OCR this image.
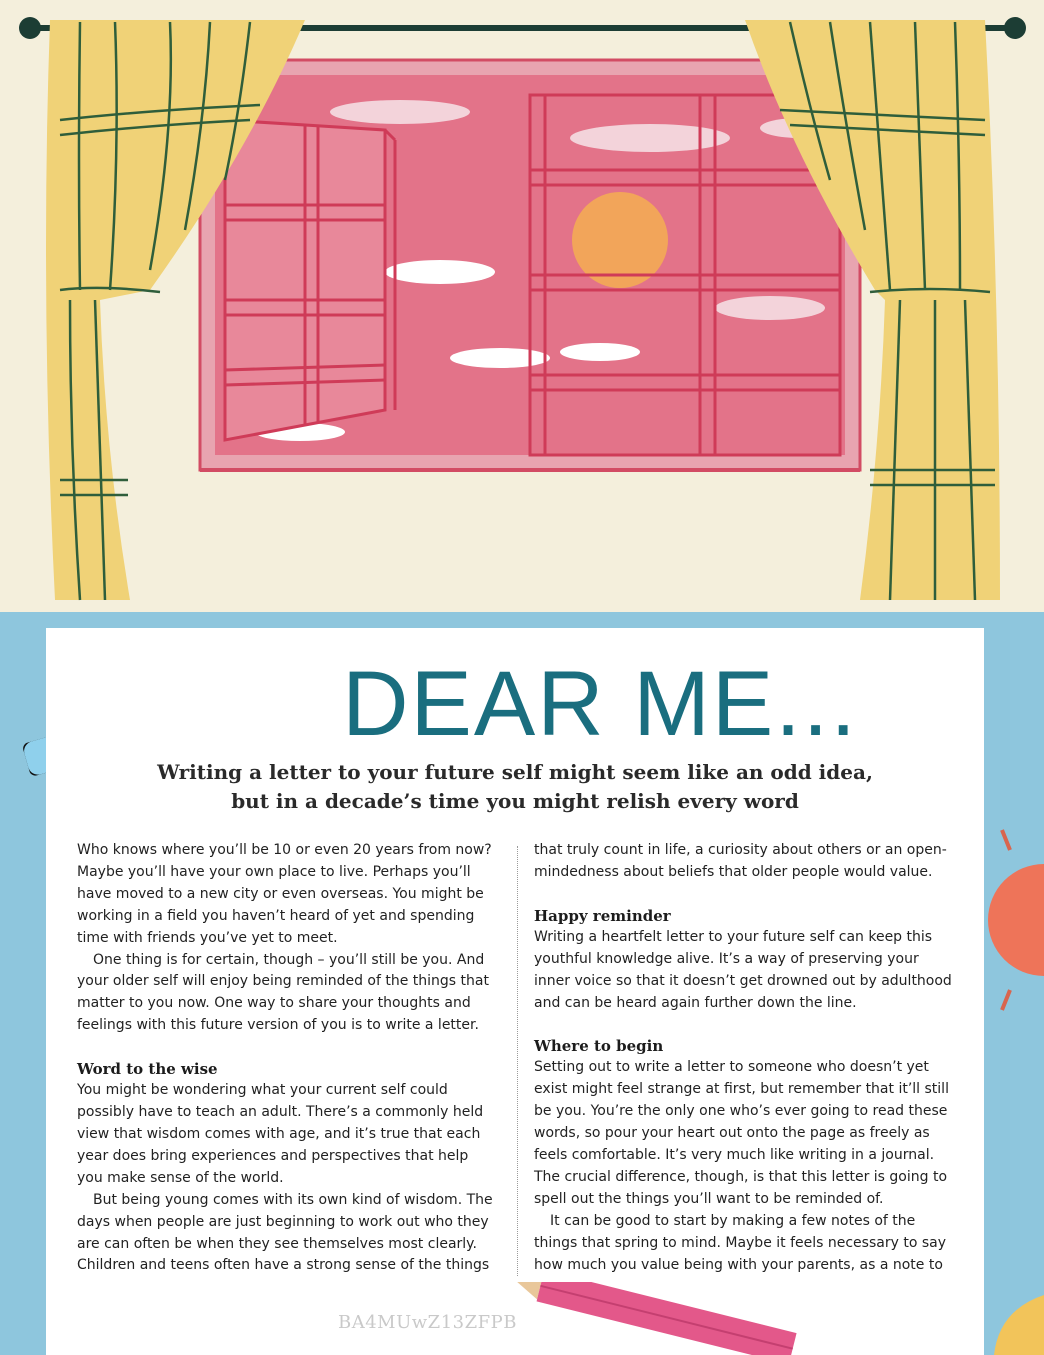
DEAR ME...
Writing a letter to your future self might seem like an odd idea,
but in a decade’s time you might relish every word

Who knows where you’ll be 10 or even 20 years from now? Maybe you’ll have your own place to live. Perhaps you’ll have moved to a new city or even overseas. You might be working in a field you haven’t heard of yet and spending time with friends you’ve yet to meet.

One thing is for certain, though – you’ll still be you. And your older self will enjoy being reminded of the things that matter to you now. One way to share your thoughts and feelings with this future version of you is to write a letter.

Word to the wise

You might be wondering what your current self could possibly have to teach an adult. There’s a commonly held view that wisdom comes with age, and it’s true that each year does bring experiences and perspectives that help you make sense of the world.

But being young comes with its own kind of wisdom. The days when people are just beginning to work out who they are can often be when they see themselves most clearly. Children and teens often have a strong sense of the things

that truly count in life, a curiosity about others or an open-mindedness about beliefs that older people would value.

Happy reminder

Writing a heartfelt letter to your future self can keep this youthful knowledge alive. It’s a way of preserving your inner voice so that it doesn’t get drowned out by adulthood and can be heard again further down the line.

Where to begin

Setting out to write a letter to someone who doesn’t yet exist might feel strange at first, but remember that it’ll still be you. You’re the only one who’s ever going to read these words, so pour your heart out onto the page as freely as feels comfortable. It’s very much like writing in a journal. The crucial difference, though, is that this letter is going to spell out the things you’ll want to be reminded of.

It can be good to start by making a few notes of the things that spring to mind. Maybe it feels necessary to say how much you value being with your parents, as a note to

BA4MUwZ13ZFPB
